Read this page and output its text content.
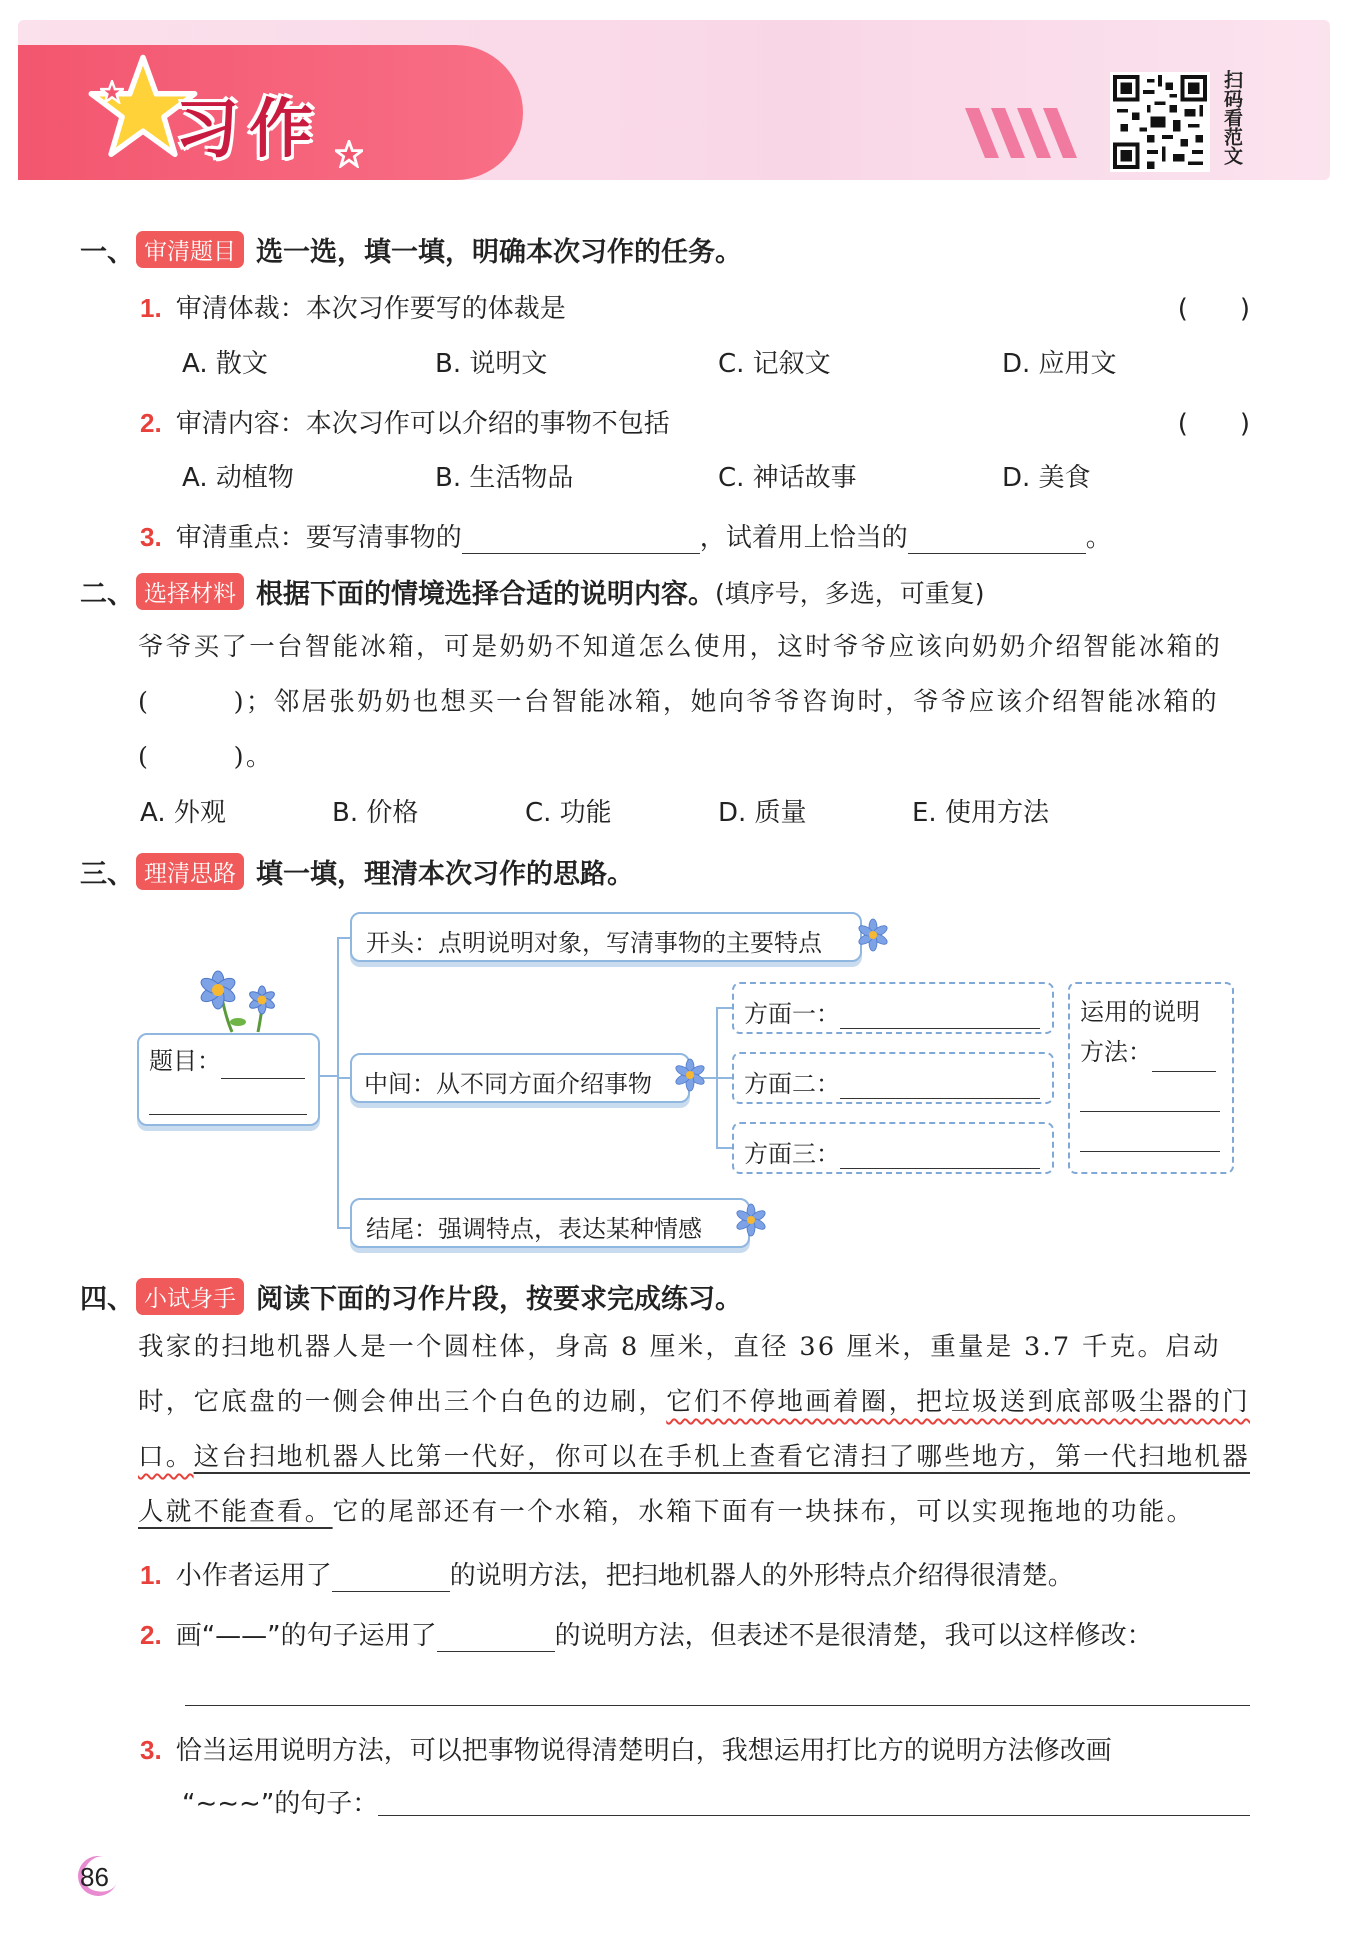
习作	扫码看范文
一、 审清题目 选一选，填一填，明确本次习作的任务。
1. 审清体裁：本次习作要写的体裁是	(　　)
A. 散文	B. 说明文	C. 记叙文	D. 应用文
2. 审清内容：本次习作可以介绍的事物不包括	(　　)
A. 动植物	B. 生活物品	C. 神话故事	D. 美食
3. 审清重点：要写清事物的	，试着用上恰当的	。
二、 选择材料 根据下面的情境选择合适的说明内容。 (填序号，多选，可重复)
爷爷买了一台智能冰箱，可是奶奶不知道怎么使用，这时爷爷应该向奶奶介绍智能冰箱的(　　　)；邻居张奶奶也想买一台智能冰箱，她向爷爷咨询时，爷爷应该介绍智能冰箱的(　　　)。
A. 外观	B. 价格	C. 功能	D. 质量	E. 使用方法
三、 理清思路 填一填，理清本次习作的思路。
题目：
开头：点明说明对象，写清事物的主要特点
中间：从不同方面介绍事物
结尾：强调特点，表达某种情感
方面一：
方面二：
方面三：
运用的说明
方法：
四、 小试身手 阅读下面的习作片段，按要求完成练习。
我家的扫地机器人是一个圆柱体，身高 8 厘米，直径 36 厘米，重量是 3.7 千克。启动时，它底盘的一侧会伸出三个白色的边刷，它们不停地画着圈，把垃圾送到底部吸尘器的门口。这台扫地机器人比第一代好，你可以在手机上查看它清扫了哪些地方，第一代扫地机器人就不能查看。它的尾部还有一个水箱，水箱下面有一块抹布，可以实现拖地的功能。
1. 小作者运用了	的说明方法，把扫地机器人的外形特点介绍得很清楚。
2. 画“——”的句子运用了	的说明方法，但表述不是很清楚，我可以这样修改：
3. 恰当运用说明方法，可以把事物说得清楚明白，我想运用打比方的说明方法修改画
“∼∼∼”的句子：
86
